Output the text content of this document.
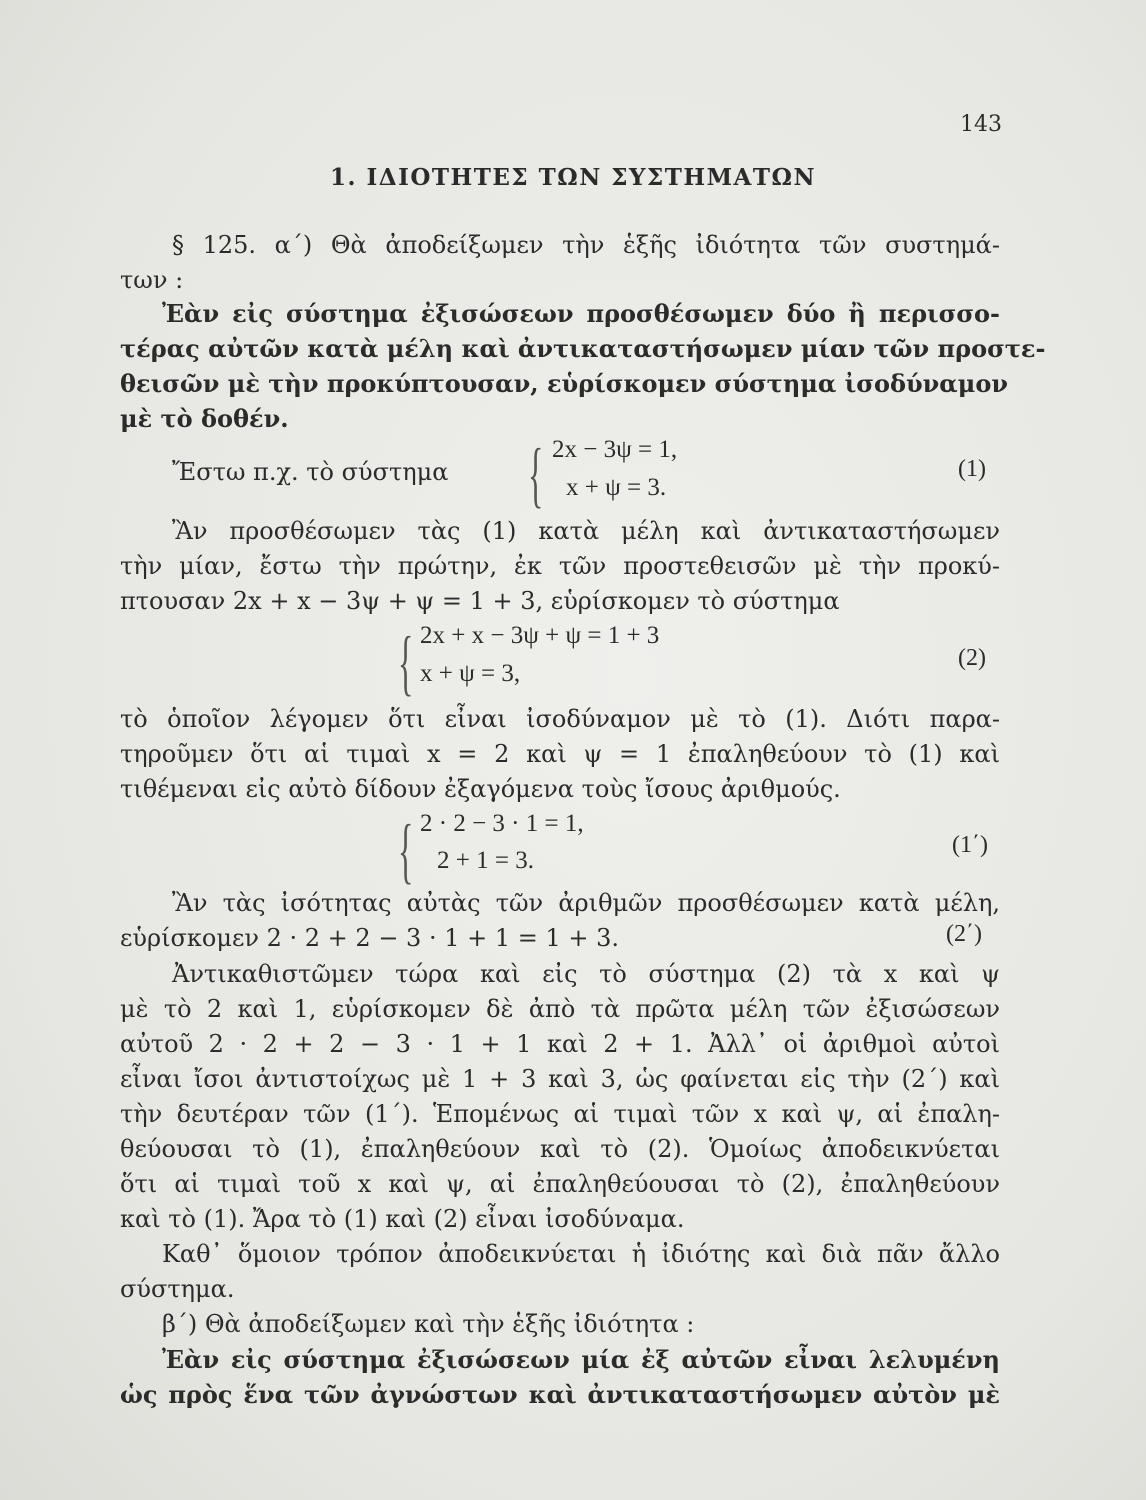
143
1. ΙΔΙΟΤΗΤΕΣ ΤΩΝ ΣΥΣΤΗΜΑΤΩΝ
§ 125. α΄) Θὰ ἀποδείξωμεν τὴν ἑξῆς ἰδιότητα τῶν συστημά-
των :
Ἐὰν εἰς σύστημα ἐξισώσεων προσθέσωμεν δύο ἢ περισσο-
τέρας αὐτῶν κατὰ μέλη καὶ ἀντικαταστήσωμεν μίαν τῶν προστε-
θεισῶν μὲ τὴν προκύπτουσαν, εὑρίσκομεν σύστημα ἰσοδύναμον
μὲ τὸ δοθέν.
Ἔστω π.χ. τὸ σύστημα { 2x − 3ψ = 1,
x + ψ = 3.
(1)
Ἂν προσθέσωμεν τὰς (1) κατὰ μέλη καὶ ἀντικαταστήσωμεν
τὴν μίαν, ἔστω τὴν πρώτην, ἐκ τῶν προστεθεισῶν μὲ τὴν προκύ-
πτουσαν 2x + x − 3ψ + ψ = 1 + 3, εὑρίσκομεν τὸ σύστημα
{ 2x + x − 3ψ + ψ = 1 + 3
x + ψ = 3,
(2)
τὸ ὁποῖον λέγομεν ὅτι εἶναι ἰσοδύναμον μὲ τὸ (1). Διότι παρα-
τηροῦμεν ὅτι αἱ τιμαὶ x = 2 καὶ ψ = 1 ἐπαληθεύουν τὸ (1) καὶ
τιθέμεναι εἰς αὐτὸ δίδουν ἐξαγόμενα τοὺς ἴσους ἀριθμούς.
{ 2 · 2 − 3 · 1 = 1,
2 + 1 = 3.
(1΄)
Ἂν τὰς ἰσότητας αὐτὰς τῶν ἀριθμῶν προσθέσωμεν κατὰ μέλη,
εὑρίσκομεν 2 · 2 + 2 − 3 · 1 + 1 = 1 + 3.	(2΄)
Ἀντικαθιστῶμεν τώρα καὶ εἰς τὸ σύστημα (2) τὰ x καὶ ψ
μὲ τὸ 2 καὶ 1, εὑρίσκομεν δὲ ἀπὸ τὰ πρῶτα μέλη τῶν ἐξισώσεων
αὐτοῦ 2 · 2 + 2 − 3 · 1 + 1 καὶ 2 + 1. Ἀλλ᾽ οἱ ἀριθμοὶ αὐτοὶ
εἶναι ἴσοι ἀντιστοίχως μὲ 1 + 3 καὶ 3, ὡς φαίνεται εἰς τὴν (2΄) καὶ
τὴν δευτέραν τῶν (1΄). Ἑπομένως αἱ τιμαὶ τῶν x καὶ ψ, αἱ ἐπαλη-
θεύουσαι τὸ (1), ἐπαληθεύουν καὶ τὸ (2). Ὁμοίως ἀποδεικνύεται
ὅτι αἱ τιμαὶ τοῦ x καὶ ψ, αἱ ἐπαληθεύουσαι τὸ (2), ἐπαληθεύουν
καὶ τὸ (1). Ἄρα τὸ (1) καὶ (2) εἶναι ἰσοδύναμα.
Καθ᾽ ὅμοιον τρόπον ἀποδεικνύεται ἡ ἰδιότης καὶ διὰ πᾶν ἄλλο
σύστημα.
β΄) Θὰ ἀποδείξωμεν καὶ τὴν ἑξῆς ἰδιότητα :
Ἐὰν εἰς σύστημα ἐξισώσεων μία ἐξ αὐτῶν εἶναι λελυμένη
ὡς πρὸς ἕνα τῶν ἀγνώστων καὶ ἀντικαταστήσωμεν αὐτὸν μὲ
